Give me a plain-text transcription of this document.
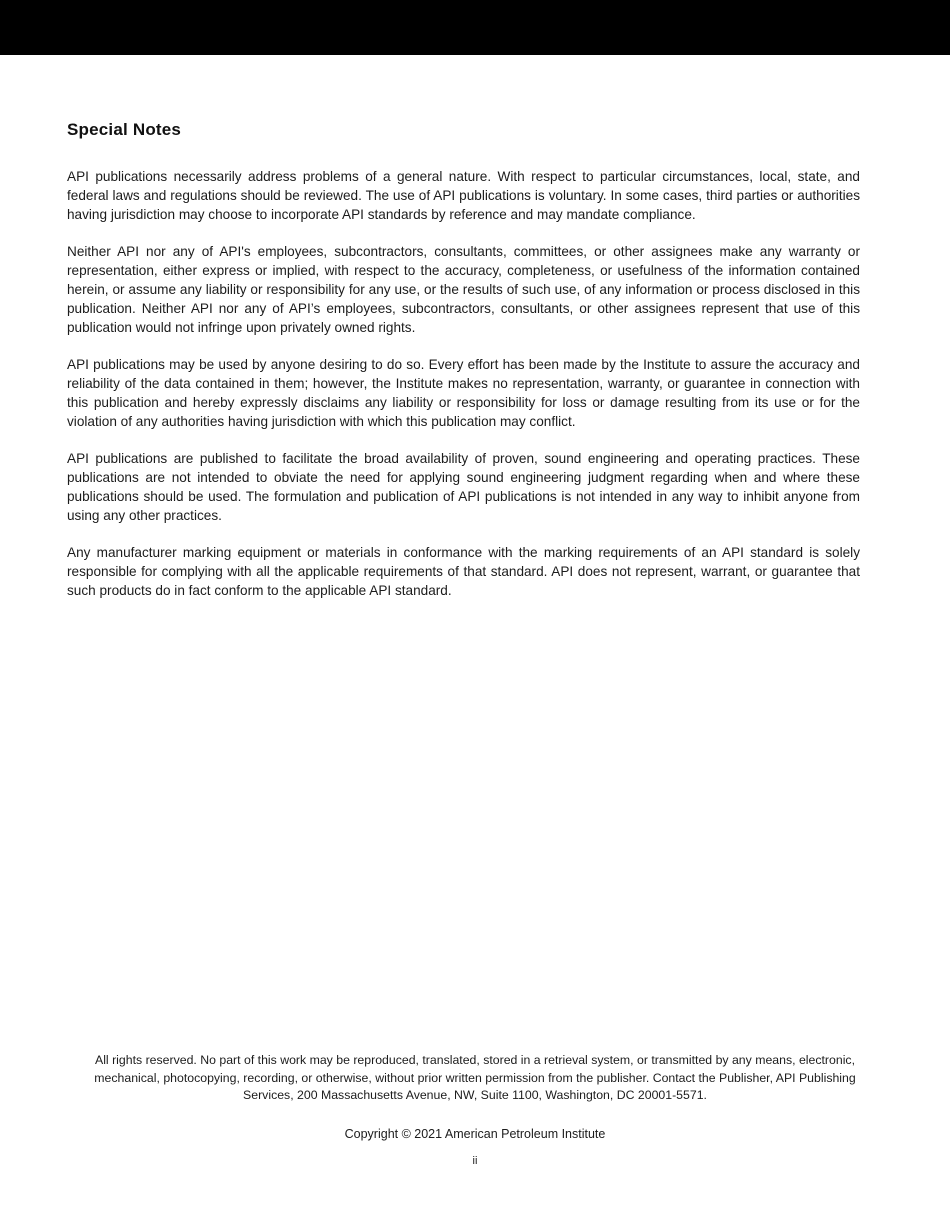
Special Notes

API publications necessarily address problems of a general nature. With respect to particular circumstances, local, state, and federal laws and regulations should be reviewed. The use of API publications is voluntary. In some cases, third parties or authorities having jurisdiction may choose to incorporate API standards by reference and may mandate compliance.

Neither API nor any of API's employees, subcontractors, consultants, committees, or other assignees make any warranty or representation, either express or implied, with respect to the accuracy, completeness, or usefulness of the information contained herein, or assume any liability or responsibility for any use, or the results of such use, of any information or process disclosed in this publication. Neither API nor any of API’s employees, subcontractors, consultants, or other assignees represent that use of this publication would not infringe upon privately owned rights.

API publications may be used by anyone desiring to do so. Every effort has been made by the Institute to assure the accuracy and reliability of the data contained in them; however, the Institute makes no representation, warranty, or guarantee in connection with this publication and hereby expressly disclaims any liability or responsibility for loss or damage resulting from its use or for the violation of any authorities having jurisdiction with which this publication may conflict.

API publications are published to facilitate the broad availability of proven, sound engineering and operating practices. These publications are not intended to obviate the need for applying sound engineering judgment regarding when and where these publications should be used. The formulation and publication of API publications is not intended in any way to inhibit anyone from using any other practices.

Any manufacturer marking equipment or materials in conformance with the marking requirements of an API standard is solely responsible for complying with all the applicable requirements of that standard. API does not represent, warrant, or guarantee that such products do in fact conform to the applicable API standard.

All rights reserved. No part of this work may be reproduced, translated, stored in a retrieval system, or transmitted by any means, electronic, mechanical, photocopying, recording, or otherwise, without prior written permission from the publisher. Contact the Publisher, API Publishing Services, 200 Massachusetts Avenue, NW, Suite 1100, Washington, DC 20001-5571.

Copyright © 2021 American Petroleum Institute

ii
